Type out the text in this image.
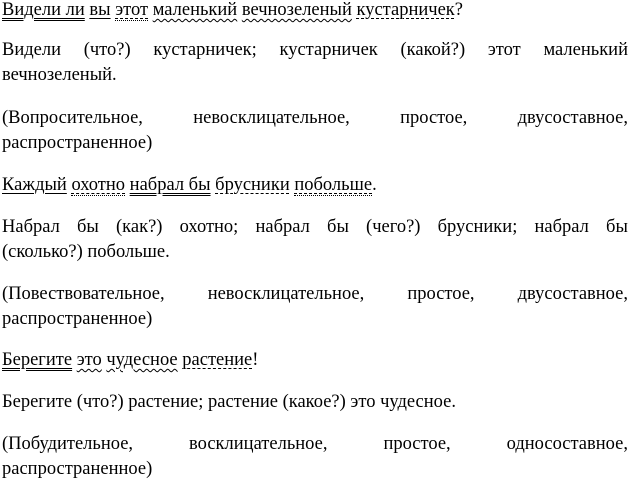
Видели ли вы этот маленький вечнозеленый кустарничек?
Видели (что?) кустарничек; кустарничек (какой?) этот маленький
вечнозеленый.
(Вопросительное,	невосклицательное,	простое,	двусоставное,
распространенное)
Каждый охотно набрал бы брусники побольше.
Набрал бы (как?) охотно; набрал бы (чего?) брусники; набрал бы
(сколько?) побольше.
(Повествовательное, невосклицательное, простое, двусоставное,
распространенное)
Берегите это чудесное растение!
Берегите (что?) растение; растение (какое?) это чудесное.
(Побудительное,	восклицательное,	простое,	односоставное,
распространенное)
